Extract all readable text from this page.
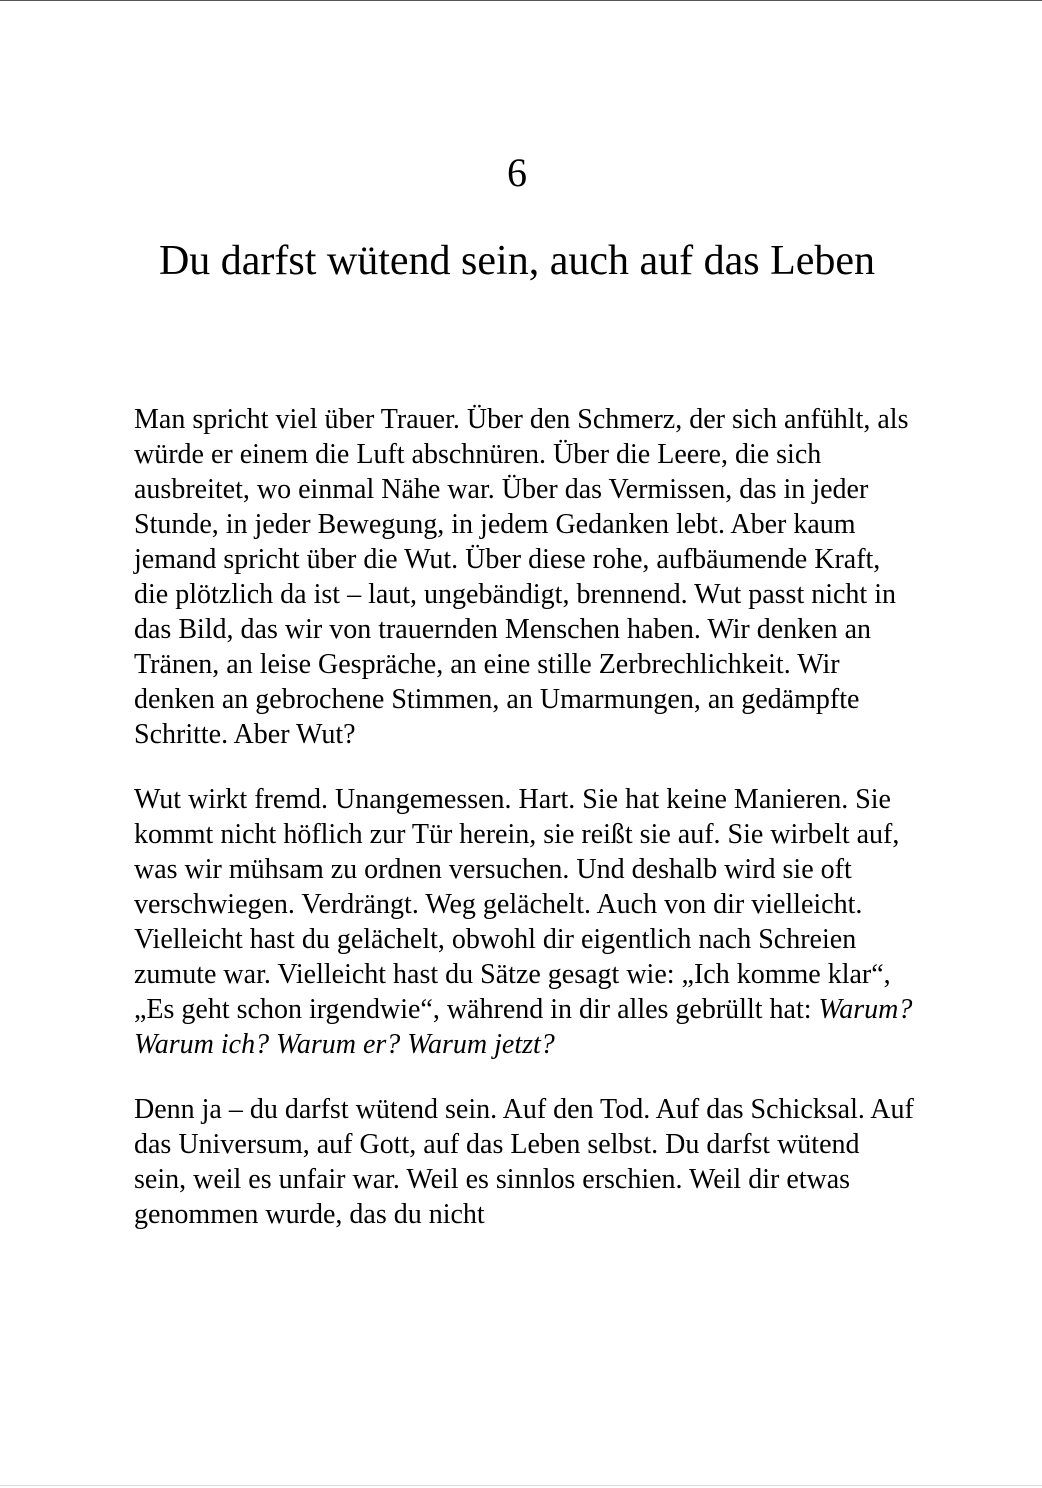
6
Du darfst wütend sein, auch auf das Leben

Man spricht viel über Trauer. Über den Schmerz, der sich anfühlt, als würde er einem die Luft abschnüren. Über die Leere, die sich ausbreitet, wo einmal Nähe war. Über das Vermissen, das in jeder Stunde, in jeder Bewegung, in jedem Gedanken lebt. Aber kaum jemand spricht über die Wut. Über diese rohe, aufbäumende Kraft, die plötzlich da ist – laut, ungebändigt, brennend. Wut passt nicht in das Bild, das wir von trauernden Menschen haben. Wir denken an Tränen, an leise Gespräche, an eine stille Zerbrechlichkeit. Wir denken an gebrochene Stimmen, an Umarmungen, an gedämpfte Schritte. Aber Wut?

Wut wirkt fremd. Unangemessen. Hart. Sie hat keine Manieren. Sie kommt nicht höflich zur Tür herein, sie reißt sie auf. Sie wirbelt auf, was wir mühsam zu ordnen versuchen. Und deshalb wird sie oft verschwiegen. Verdrängt. Weg gelächelt. Auch von dir vielleicht. Vielleicht hast du gelächelt, obwohl dir eigentlich nach Schreien zumute war. Vielleicht hast du Sätze gesagt wie: „Ich komme klar“, „Es geht schon irgendwie“, während in dir alles gebrüllt hat: Warum? Warum ich? Warum er? Warum jetzt?

Denn ja – du darfst wütend sein. Auf den Tod. Auf das Schicksal. Auf das Universum, auf Gott, auf das Leben selbst. Du darfst wütend sein, weil es unfair war. Weil es sinnlos erschien. Weil dir etwas genommen wurde, das du nicht
